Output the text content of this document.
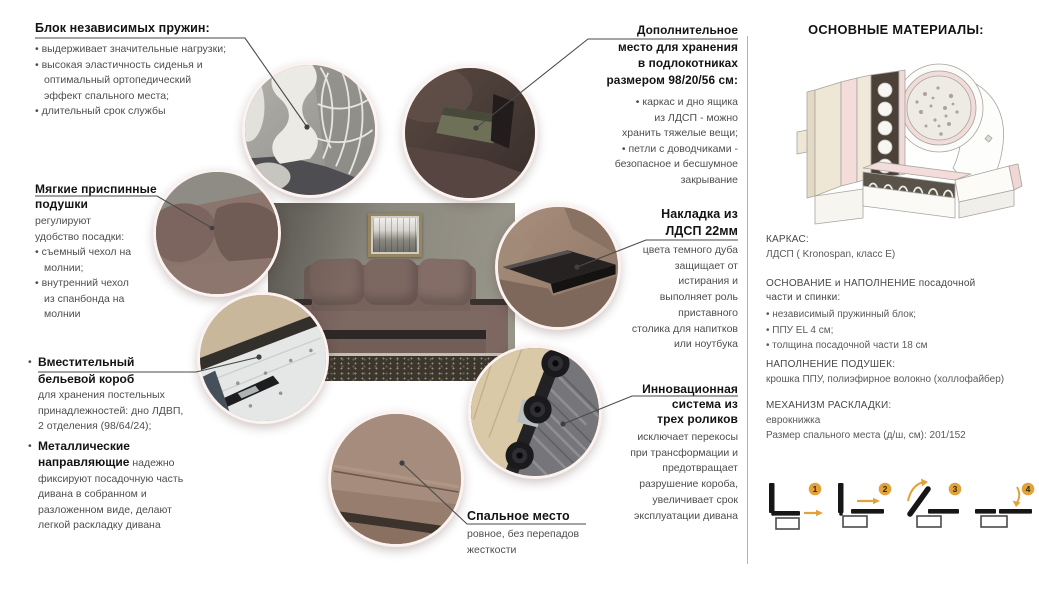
Блок независимых пружин:
• выдерживает значительные нагрузки;
• высокая эластичность сиденья и
оптимальный ортопедический
эффект спального места;
• длительный срок службы
Мягкие приспинные
подушки
регулируют
удобство посадки:
• съемный чехол на
молнии;
• внутренний чехол
из спанбонда на
молнии
• Вместительный бельевой короб
для хранения постельных принадлежностей: дно ЛДВП, 2 отделения (98/64/24);
• Металлические направляющие надежно фиксируют посадочную часть дивана в собранном и разложенном виде, делают легкой раскладку дивана
Дополнительное
место для хранения
в подлокотниках
размером 98/20/56 см:
• каркас и дно ящика
из ЛДСП - можно
хранить тяжелые вещи;
• петли с доводчиками -
безопасное и бесшумное
закрывание
Накладка из
ЛДСП 22мм
цвета темного дуба
защищает от
истирания и
выполняет роль
приставного
столика для напитков
или ноутбука
Инновационная
система из
трех роликов
исключает перекосы
при трансформации и
предотвращает
разрушение короба,
увеличивает срок
эксплуатации дивана
Спальное место
ровное, без перепадов
жесткости
ОСНОВНЫЕ МАТЕРИАЛЫ:
КАРКАС:
ЛДСП ( Kronospan, класс Е)
ОСНОВАНИЕ и НАПОЛНЕНИЕ посадочной
части и спинки:
• независимый пружинный блок;
• ППУ EL 4 см;
• толщина посадочной части 18 см
НАПОЛНЕНИЕ ПОДУШЕК:
крошка ППУ, полиэфирное волокно (холлофайбер)
МЕХАНИЗМ РАСКЛАДКИ:
еврокнижка
Размер спального места (д/ш, см): 201/152
1	2	3	4
